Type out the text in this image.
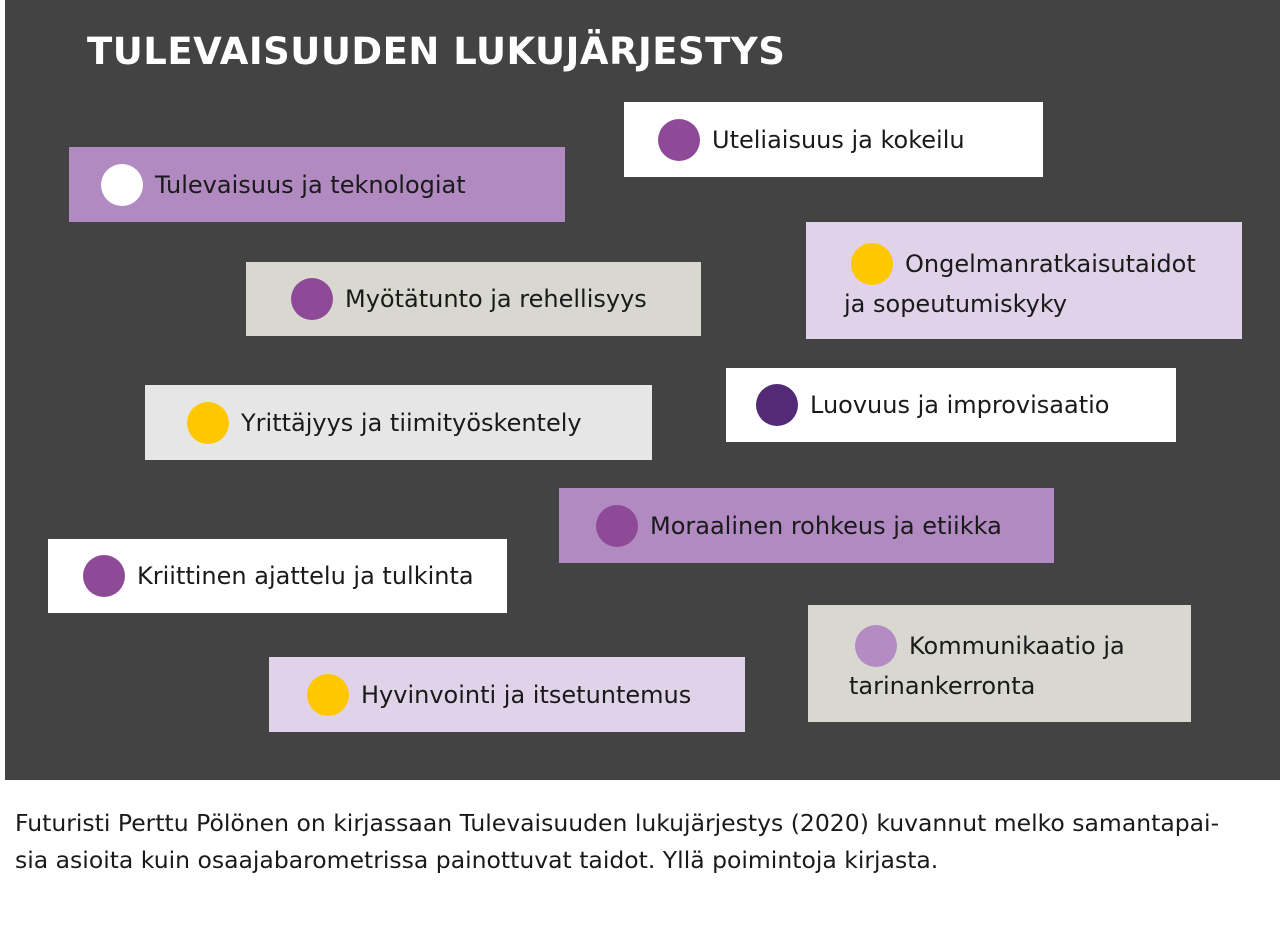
TULEVAISUUDEN LUKUJÄRJESTYS
Uteliaisuus ja kokeilu
Tulevaisuus ja teknologiat
Myötätunto ja rehellisyys
Ongelmanratkaisutaidot
ja sopeutumiskyky
Yrittäjyys ja tiimityöskentely
Luovuus ja improvisaatio
Moraalinen rohkeus ja etiikka
Kriittinen ajattelu ja tulkinta
Kommunikaatio ja
tarinankerronta
Hyvinvointi ja itsetuntemus
Futuristi Perttu Pölönen on kirjassaan Tulevaisuuden lukujärjestys (2020) kuvannut melko samantapai-
sia asioita kuin osaajabarometrissa painottuvat taidot. Yllä poimintoja kirjasta.
